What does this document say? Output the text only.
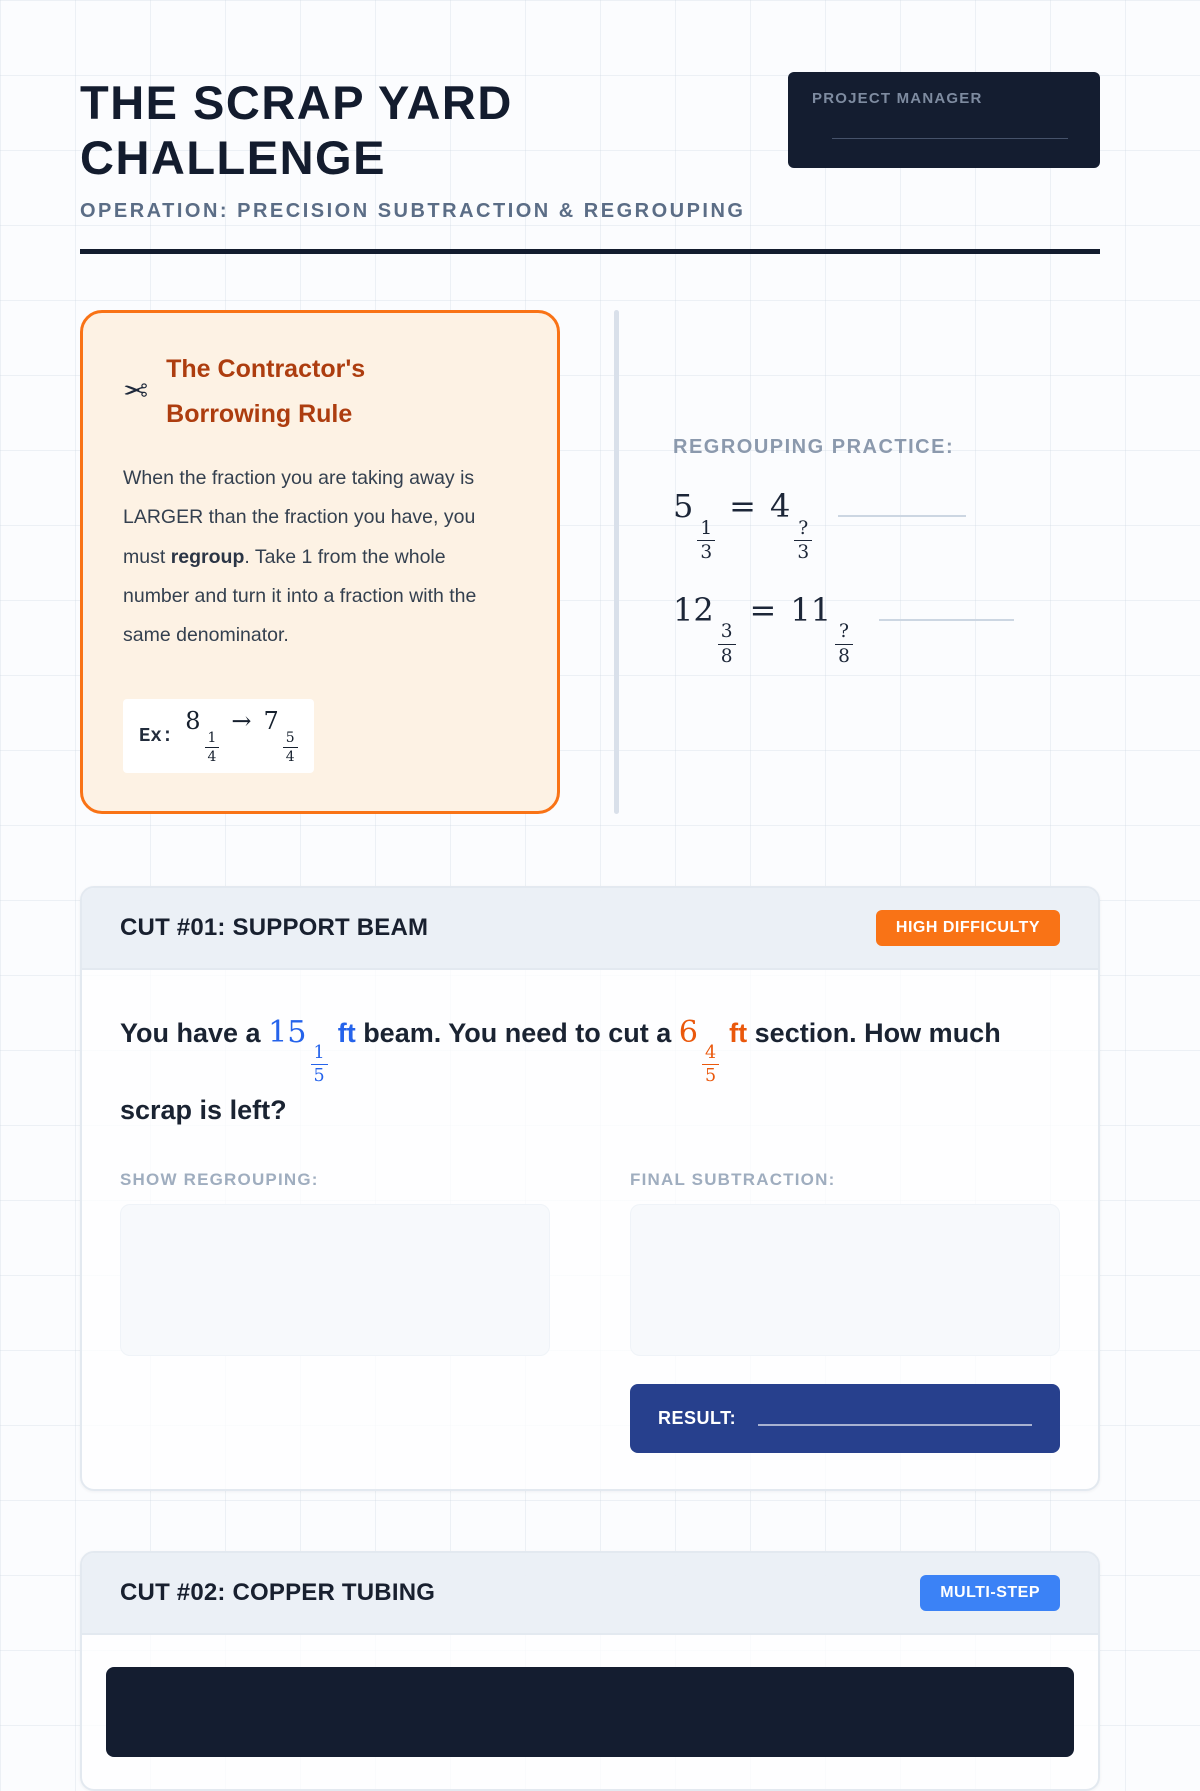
PROJECT MANAGER
THE SCRAP YARD
CHALLENGE
OPERATION: PRECISION SUBTRACTION & REGROUPING
✂
The Contractor's
Borrowing Rule

When the fraction you are taking away is LARGER than the fraction you have, you must regroup. Take 1 from the whole number and turn it into a fraction with the same denominator.

Ex:
8
$\frac{1}{4}$
→ 7
$\frac{5}{4}$
REGROUPING PRACTICE:
5
$\frac{1}{3}$
= 4
$\frac{?}{3}$
12
$\frac{3}{8}$
= 11
$\frac{?}{8}$
CUT #01: SUPPORT BEAM	HIGH DIFFICULTY

You have a 15
$\frac{1}{5}$
ft beam. You need to cut a 6
$\frac{4}{5}$
ft section. How much scrap is left?

SHOW REGROUPING:	FINAL SUBTRACTION:
RESULT:
CUT #02: COPPER TUBING	MULTI-STEP
